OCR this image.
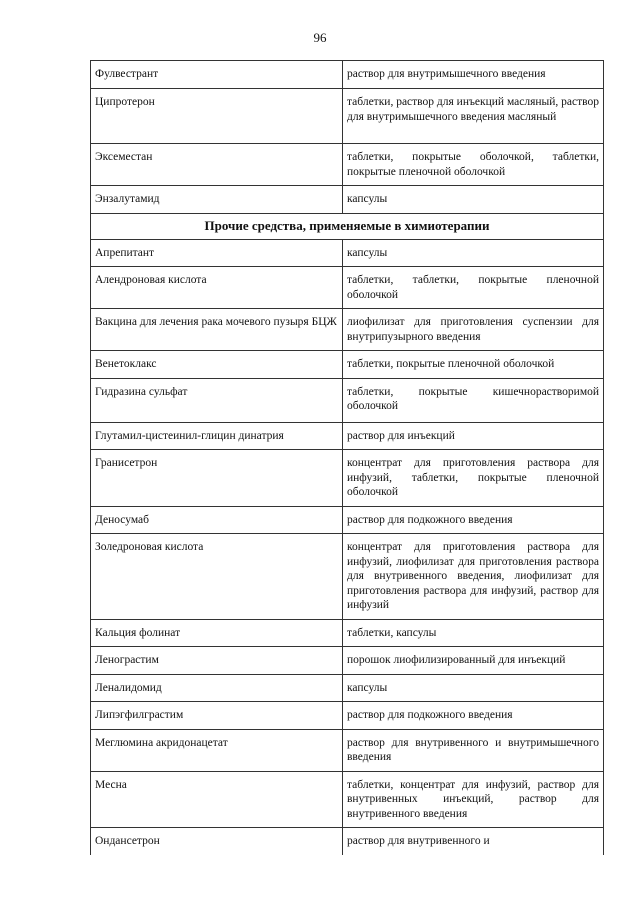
96
Фулвестрант	раствор для внутримышечного введения
Ципротерон	таблетки, раствор для инъекций масляный, раствор для внутримышечного введения масляный
Эксеместан	таблетки, покрытые оболочкой, таблетки, покрытые пленочной оболочкой
Энзалутамид	капсулы
Прочие средства, применяемые в химиотерапии	
Апрепитант	капсулы
Алендроновая кислота	таблетки, таблетки, покрытые пленочной оболочкой
Вакцина для лечения рака мочевого пузыря БЦЖ	лиофилизат для приготовления суспензии для внутрипузырного введения
Венетоклакс	таблетки, покрытые пленочной оболочкой
Гидразина сульфат	таблетки, покрытые кишечнорастворимой оболочкой
Глутамил-цистеинил-глицин динатрия	раствор для инъекций
Гранисетрон	концентрат для приготовления раствора для инфузий, таблетки, покрытые пленочной оболочкой
Деносумаб	раствор для подкожного введения
Золедроновая кислота	концентрат для приготовления раствора для инфузий, лиофилизат для приготовления раствора для внутривенного введения, лиофилизат для приготовления раствора для инфузий, раствор для инфузий
Кальция фолинат	таблетки, капсулы
Ленограстим	порошок лиофилизированный для инъекций
Леналидомид	капсулы
Липэгфилграстим	раствор для подкожного введения
Меглюмина акридонацетат	раствор для внутривенного и внутримышечного введения
Месна	таблетки, концентрат для инфузий, раствор для внутривенных инъекций, раствор для внутривенного введения
Ондансетрон	раствор для внутривенного и
